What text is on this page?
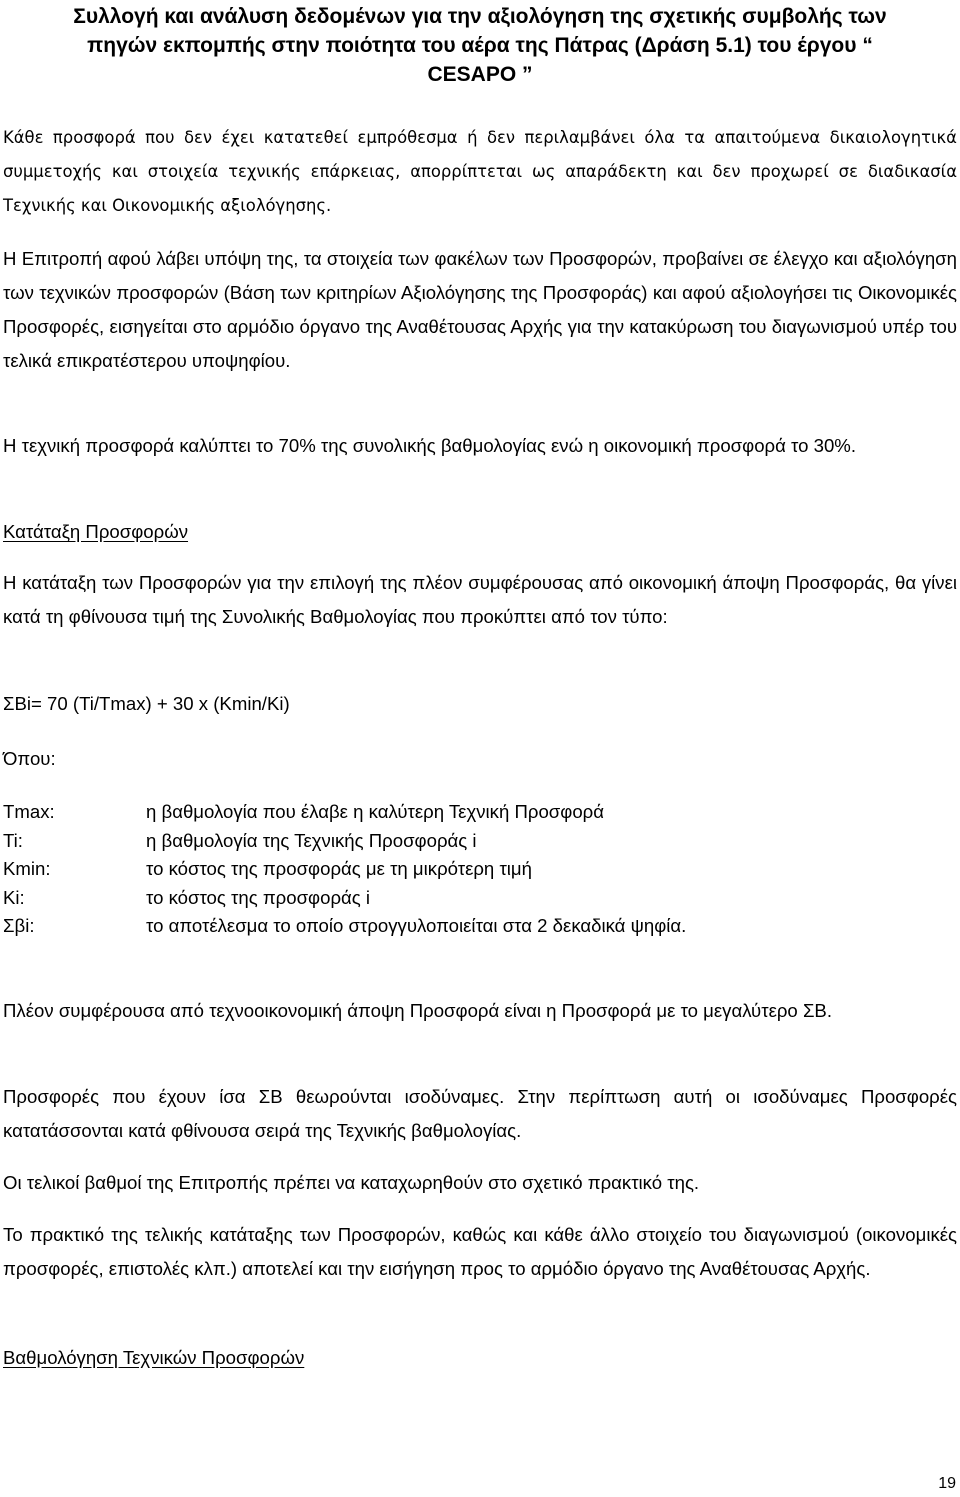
Συλλογή και ανάλυση δεδομένων για την αξιολόγηση της σχετικής συμβολής των
πηγών εκπομπής στην ποιότητα του αέρα της Πάτρας (Δράση 5.1) του έργου “
CESAPO ”

Κάθε προσφορά που δεν έχει κατατεθεί εμπρόθεσμα ή δεν περιλαμβάνει όλα τα απαιτούμενα δικαιολογητικά συμμετοχής και στοιχεία τεχνικής επάρκειας, απορρίπτεται ως απαράδεκτη και δεν προχωρεί σε διαδικασία Τεχνικής και Οικονομικής αξιολόγησης.

Η Επιτροπή αφού λάβει υπόψη της, τα στοιχεία των φακέλων των Προσφορών, προβαίνει σε έλεγχο και αξιολόγηση των τεχνικών προσφορών (Βάση των κριτηρίων Αξιολόγησης της Προσφοράς) και αφού αξιολογήσει τις Οικονομικές Προσφορές, εισηγείται στο αρμόδιο όργανο της Αναθέτουσας Αρχής για την κατακύρωση του διαγωνισμού υπέρ του τελικά επικρατέστερου υποψηφίου.

Η τεχνική προσφορά καλύπτει το 70% της συνολικής βαθμολογίας ενώ η οικονομική προσφορά το 30%.

Κατάταξη Προσφορών

Η κατάταξη των Προσφορών για την επιλογή της πλέον συμφέρουσας από οικονομική άποψη Προσφοράς, θα γίνει κατά τη φθίνουσα τιμή της Συνολικής Βαθμολογίας που προκύπτει από τον τύπο:

ΣΒi= 70 (Ti/Tmax) + 30 x (Kmin/Ki)

Όπου:

Tmax:	η βαθμολογία που έλαβε η καλύτερη Τεχνική Προσφορά
Ti:	η βαθμολογία της Τεχνικής Προσφοράς i
Kmin:	το κόστος της προσφοράς με τη μικρότερη τιμή
Ki:	το κόστος της προσφοράς i
Σβi:	το αποτέλεσμα το οποίο στρογγυλοποιείται στα 2 δεκαδικά ψηφία.

Πλέον συμφέρουσα από τεχνοοικονομική άποψη Προσφορά είναι η Προσφορά με το μεγαλύτερο ΣΒ.

Προσφορές που έχουν ίσα ΣΒ θεωρούνται ισοδύναμες. Στην περίπτωση αυτή οι ισοδύναμες Προσφορές κατατάσσονται κατά φθίνουσα σειρά της Τεχνικής βαθμολογίας.

Οι τελικοί βαθμοί της Επιτροπής πρέπει να καταχωρηθούν στο σχετικό πρακτικό της.

Το πρακτικό της τελικής κατάταξης των Προσφορών, καθώς και κάθε άλλο στοιχείο του διαγωνισμού (οικονομικές προσφορές, επιστολές κλπ.) αποτελεί και την εισήγηση προς το αρμόδιο όργανο της Αναθέτουσας Αρχής.

Βαθμολόγηση Τεχνικών Προσφορών

19
